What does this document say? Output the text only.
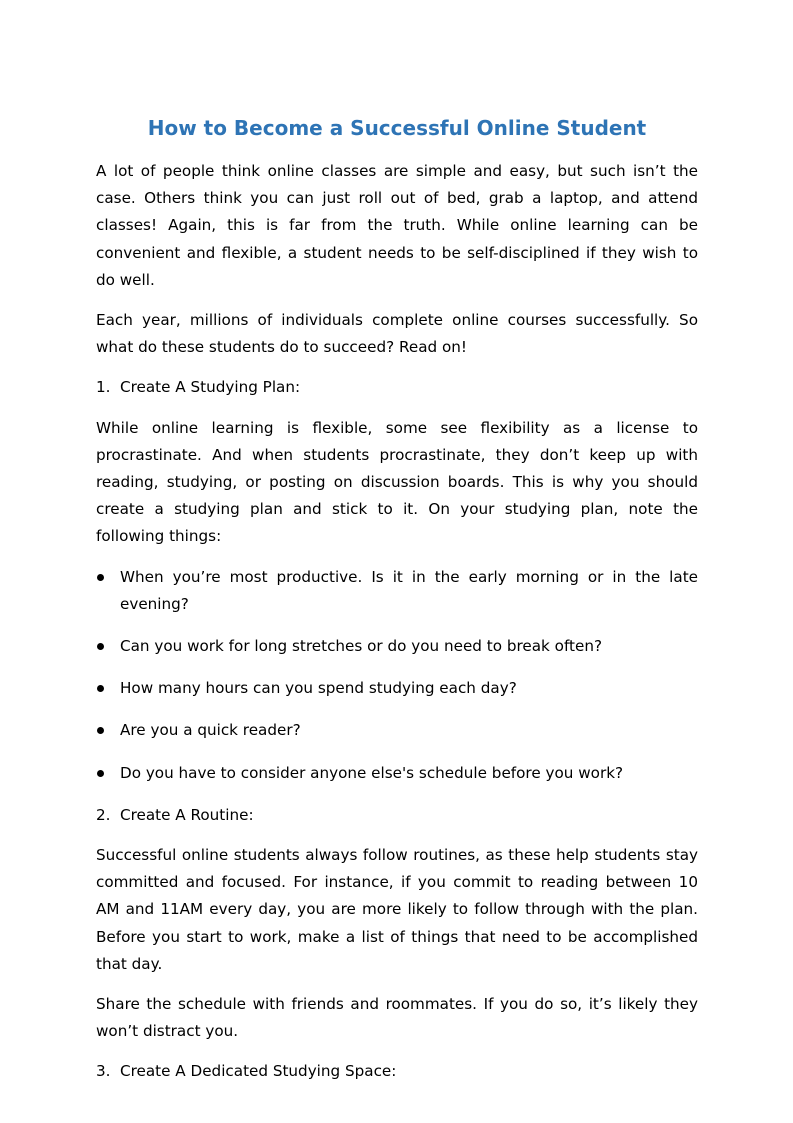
How to Become a Successful Online Student

A lot of people think online classes are simple and easy, but such isn’t the case. Others think you can just roll out of bed, grab a laptop, and attend classes! Again, this is far from the truth. While online learning can be convenient and flexible, a student needs to be self-disciplined if they wish to do well.

Each year, millions of individuals complete online courses successfully. So what do these students do to succeed? Read on!

1. Create A Studying Plan:

While online learning is flexible, some see flexibility as a license to procrastinate. And when students procrastinate, they don’t keep up with reading, studying, or posting on discussion boards. This is why you should create a studying plan and stick to it. On your studying plan, note the following things:

When you’re most productive. Is it in the early morning or in the late evening?
Can you work for long stretches or do you need to break often?
How many hours can you spend studying each day?
Are you a quick reader?
Do you have to consider anyone else's schedule before you work?
2. Create A Routine:

Successful online students always follow routines, as these help students stay committed and focused. For instance, if you commit to reading between 10 AM and 11AM every day, you are more likely to follow through with the plan. Before you start to work, make a list of things that need to be accomplished that day.

Share the schedule with friends and roommates. If you do so, it’s likely they won’t distract you.

3. Create A Dedicated Studying Space:
